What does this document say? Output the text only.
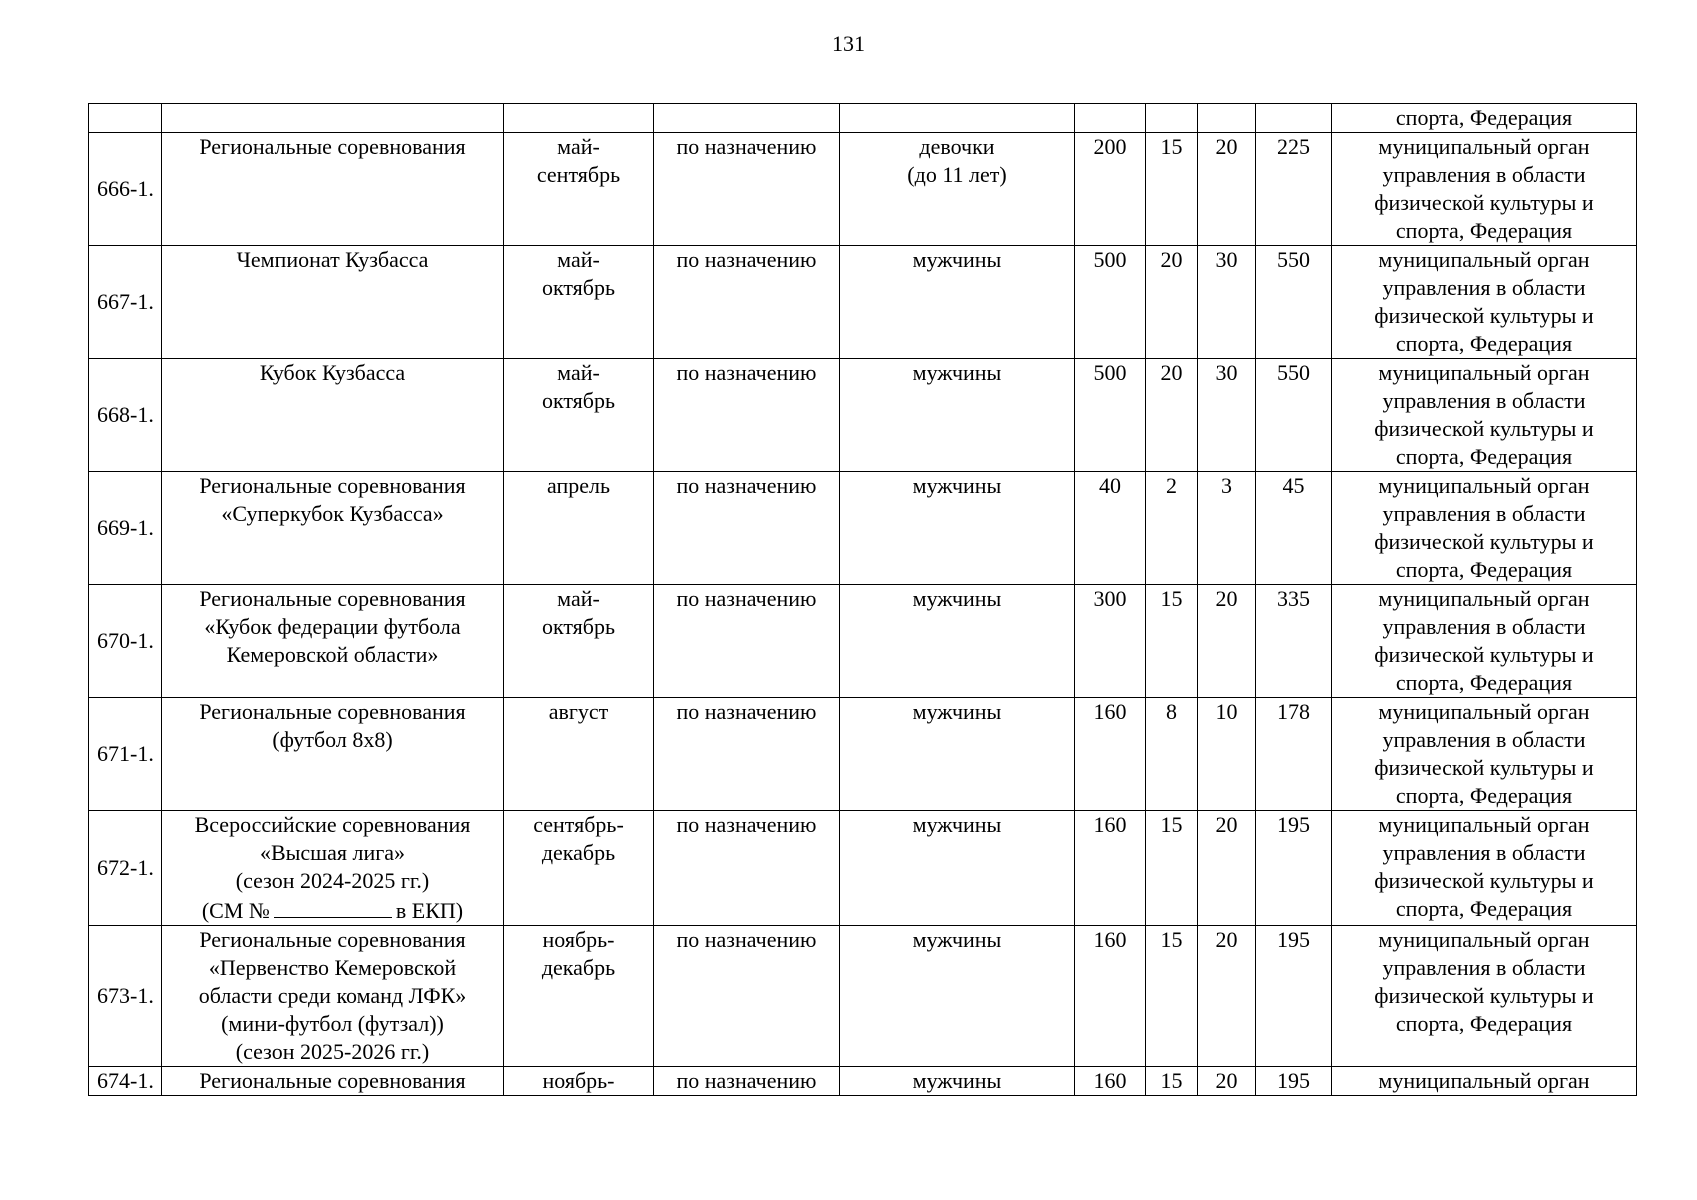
131
									спорта, Федерация
666-1.	Региональные соревнования	май-
сентябрь	по назначению	девочки
(до 11 лет)	200	15	20	225	муниципальный орган
управления в области
физической культуры и
спорта, Федерация
667-1.	Чемпионат Кузбасса	май-
октябрь	по назначению	мужчины	500	20	30	550	муниципальный орган
управления в области
физической культуры и
спорта, Федерация
668-1.	Кубок Кузбасса	май-
октябрь	по назначению	мужчины	500	20	30	550	муниципальный орган
управления в области
физической культуры и
спорта, Федерация
669-1.	Региональные соревнования
«Суперкубок Кузбасса»	апрель	по назначению	мужчины	40	2	3	45	муниципальный орган
управления в области
физической культуры и
спорта, Федерация
670-1.	Региональные соревнования
«Кубок федерации футбола
Кемеровской области»	май-
октябрь	по назначению	мужчины	300	15	20	335	муниципальный орган
управления в области
физической культуры и
спорта, Федерация
671-1.	Региональные соревнования
(футбол 8х8)	август	по назначению	мужчины	160	8	10	178	муниципальный орган
управления в области
физической культуры и
спорта, Федерация
672-1.	Всероссийские соревнования
«Высшая лига»
(сезон 2024-2025 гг.)
(СМ № в ЕКП)	сентябрь-
декабрь	по назначению	мужчины	160	15	20	195	муниципальный орган
управления в области
физической культуры и
спорта, Федерация
673-1.	Региональные соревнования
«Первенство Кемеровской
области среди команд ЛФК»
(мини-футбол (футзал))
(сезон 2025-2026 гг.)	ноябрь-
декабрь	по назначению	мужчины	160	15	20	195	муниципальный орган
управления в области
физической культуры и
спорта, Федерация
674-1.	Региональные соревнования	ноябрь-	по назначению	мужчины	160	15	20	195	муниципальный орган
